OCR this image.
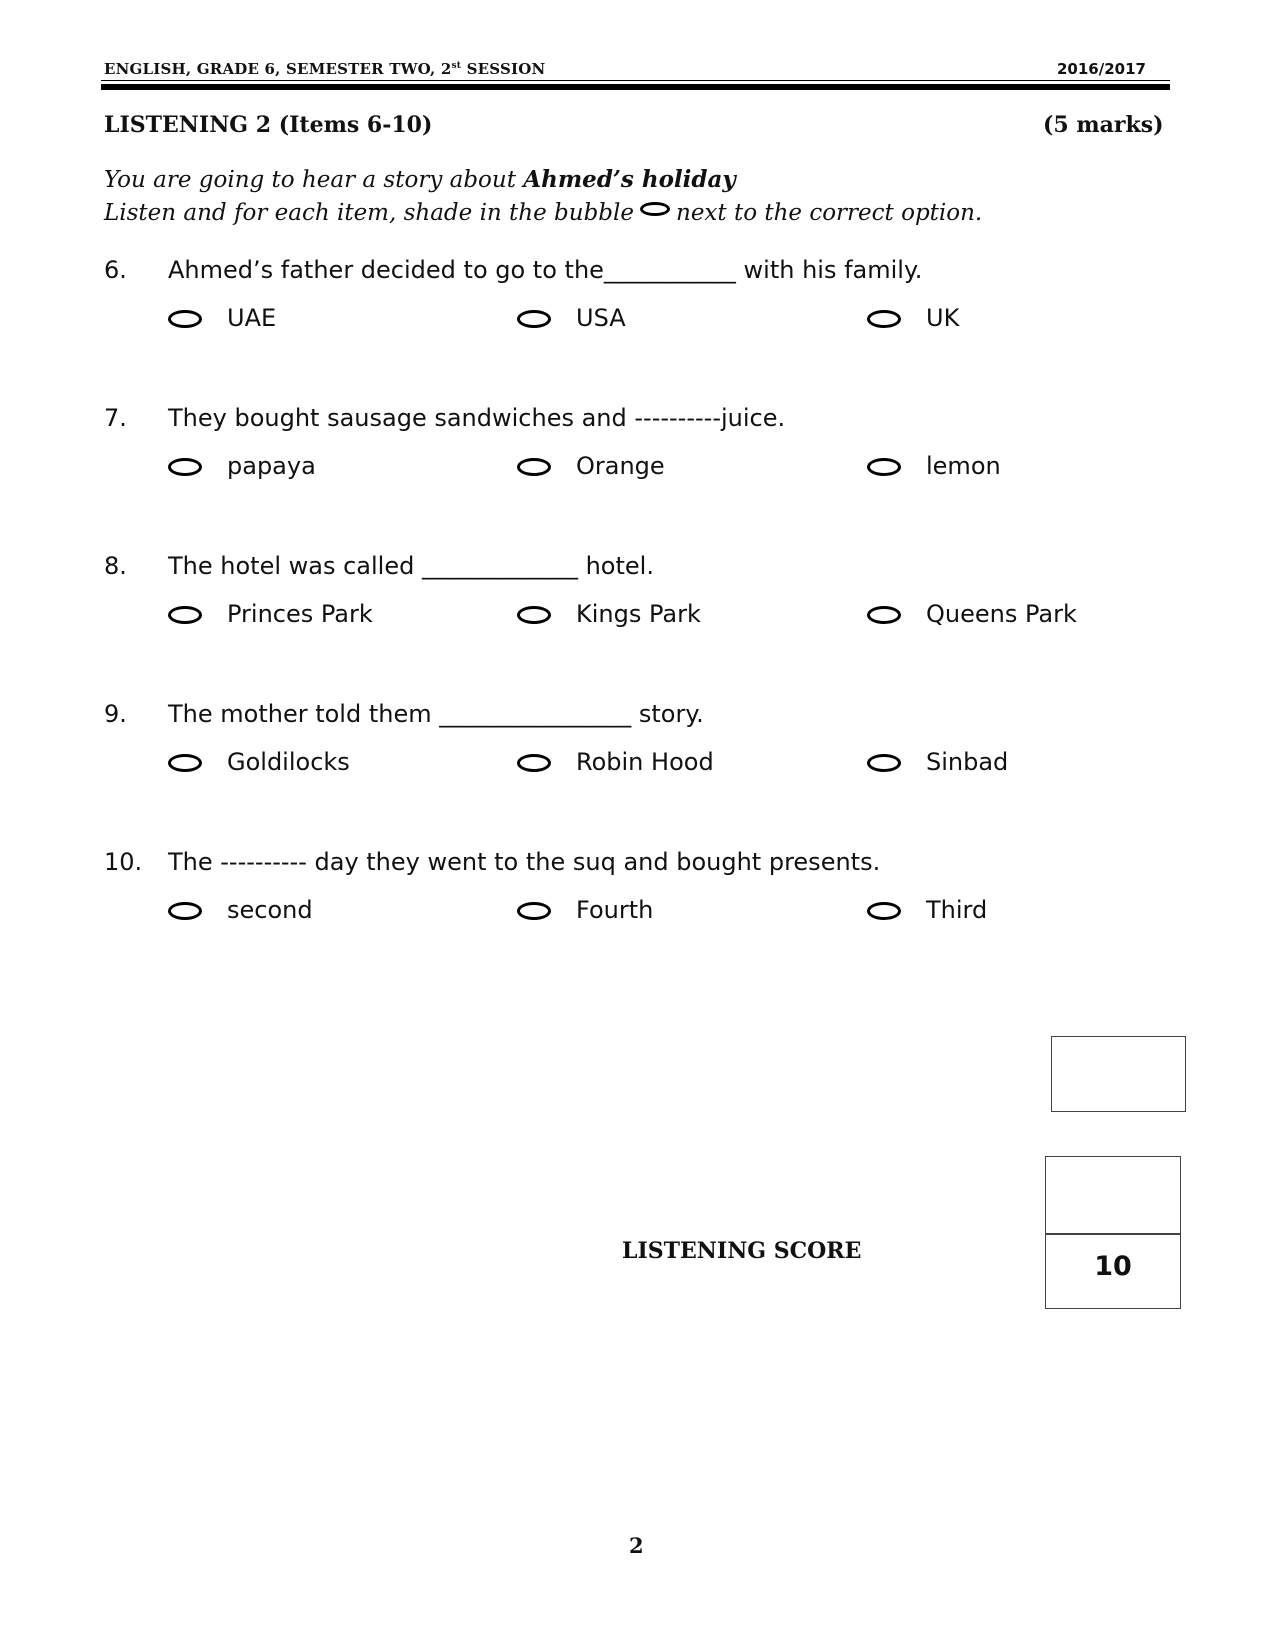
ENGLISH, GRADE 6, SEMESTER TWO, 2st SESSION	2016/2017
LISTENING 2 (Items 6-10)	(5 marks)
You are going to hear a story about Ahmed’s holiday
Listen and for each item, shade in the bubble next to the correct option.
6. Ahmed’s father decided to go to the___________ with his family.
UAE	USA	UK
7. They bought sausage sandwiches and ----------juice.
papaya	Orange	lemon
8. The hotel was called _____________ hotel.
Princes Park	Kings Park	Queens Park
9. The mother told them ________________ story.
Goldilocks	Robin Hood	Sinbad
10. The ---------- day they went to the suq and bought presents.
second	Fourth	Third
LISTENING SCORE	10
2
